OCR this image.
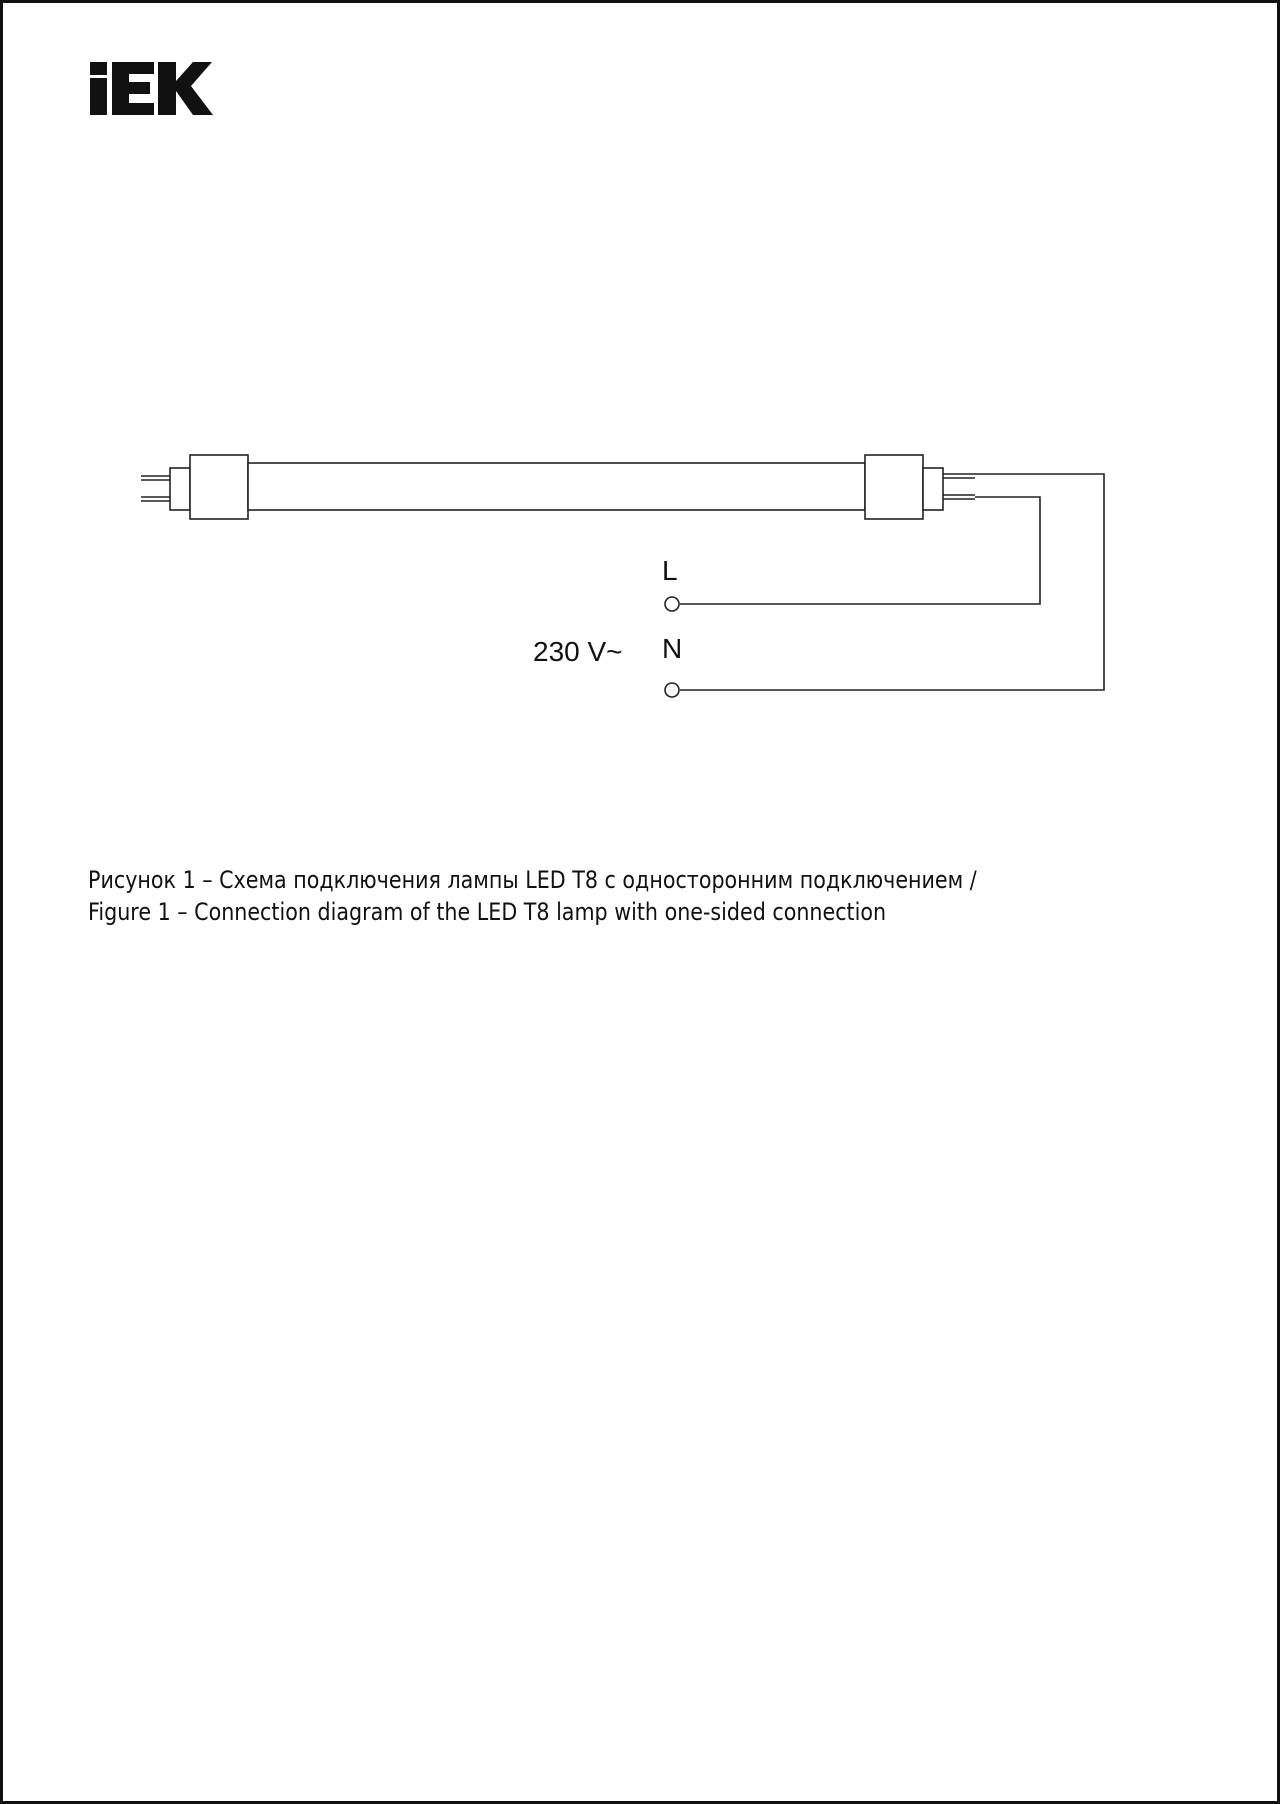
L
N
230 V~
Рисунок 1 – Схема подключения лампы LED T8 с односторонним подключением /
Figure 1 – Connection diagram of the LED T8 lamp with one-sided connection
